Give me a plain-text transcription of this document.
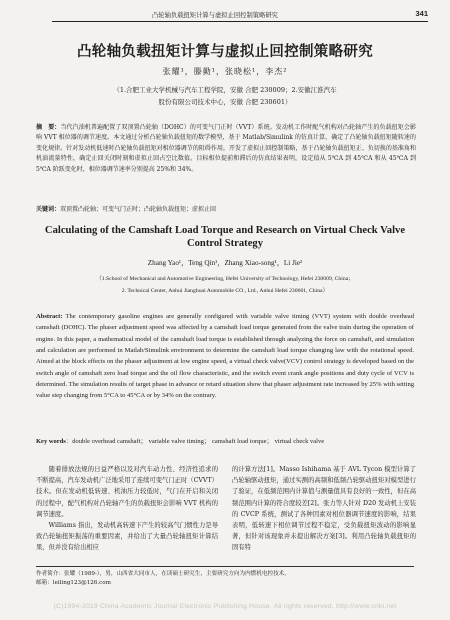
凸轮轴负载扭矩计算与虚拟止回控制策略研究	341
凸轮轴负载扭矩计算与虚拟止回控制策略研究
张耀¹，滕勤¹，张晓松¹，李杰²
（1.合肥工业大学机械与汽车工程学院，安徽 合肥 230009；2.安徽江淮汽车
股份有限公司技术中心，安徽 合肥 230601）
摘　要：当代汽油机普遍配置了双顶置凸轮轴（DOHC）的可变气门正时（VVT）系统。发动机工作时配气机构对凸轮轴产生的负载扭矩会影响 VVT 相位器的调节速度。本文通过分析凸轮轴负载扭矩的数学模型，基于 Matlab/Simulink 的仿真计算，确定了凸轮轴负载扭矩随转速的变化规律。针对发动机低速时凸轮轴负载扭矩对相位器调节的阻碍作用，开发了虚拟止回控制策略，基于凸轮轴负载扭矩正、负切换的基准角和机油流量特性，确定止回关闭时刻和虚拟止回占空比数值。目标相位提前和滞后的仿真结果表明，设定值从 5℃A 到 45℃A 和从 45℃A 到 5℃A 阶跃变化时，相位器调节速率分别提高 25%和 34%。
关键词：双顶置凸轮轴；可变气门正时；凸轮轴负载扭矩；虚拟止回
Calculating of the Camshaft Load Torque and Research on Virtual Check Valve
Control Strategy
Zhang Yao¹，Teng Qin¹，Zhang Xiao-song¹，Li Jie²
（1.School of Mechanical and Automotive Engineering, Hefei University of Technology, Hefei 230009, China；
2. Technical Center, Anhui Jianghuai Automobile CO., Ltd., Anhui Hefei 230601, China）
Abstract: The contemporary gasoline engines are generally configured with variable valve timing (VVT) system with double overhead camshaft (DOHC). The phaser adjustment speed was affected by a camshaft load torque generated from the valve train during the operation of engine. In this paper, a mathematical model of the camshaft load torque is established through analyzing the force on camshaft, and simulation and calculation are performed in Matlab/Simulink environment to determine the camshaft load torque changing law with the rotational speed. Aimed at the block effects on the phaser adjustment at low engine speed, a virtual check valve(VCV) control strategy is developed based on the switch angle of camshaft zero load torque and the oil flow characteristic, and the switch event crank angle positions and duty cycle of VCV is determined. The simulation results of target phase in advance or retard situation show that phaser adjustment rate increased by 25% with setting value step changing from 5°CA to 45°CA or by 34% on the contrary.
Key words：double overhead camshaft； variable valve timing； camshaft load torque； virtual check valve

随着排放法规的日益严格以及对汽车动力性、经济性追求的不断提高，汽车发动机广泛地采用了连续可变气门正时（CVVT）技术。但在发动机低转速、机油压力较低时，气门在开启和关闭的过程中，配气机构对凸轮轴产生的负载扭矩会影响 VVT 机构的调节速度。

Williams 指出，发动机高转速下产生的较高气门惯性力是导致凸轮轴扭矩振荡的重要因素，并给出了大量凸轮轴扭矩计算结果，但并没有给出相应

的计算方法[1]。Masso Ishihama 基于 AVL Tycon 模型计算了凸轮轴驱动扭矩，通过实测的高频和低频凸轮驱动扭矩对模型进行了验证，在低频范围内计算值与测量值具有良好的一致性，但在高频范围内计算的符合度较差[2]。张力等人针对 D20 发动机上安装的 CVCP 系统，测试了各种因素对相位器调节速度的影响，结果表明，低转速下相位调节过程不稳定，受负载扭矩波动的影响显著，但针对该现象并未提出解决方案[3]。利用凸轮轴负载扭矩的固有特

作者简介：张耀（1989-），男，山西省大同市人，在读硕士研究生，主要研究方向为内燃机电控技术。
邮箱：leiling123@126.com
(C)1994-2019 China Academic Journal Electronic Publishing House. All rights reserved. http://www.cnki.net
